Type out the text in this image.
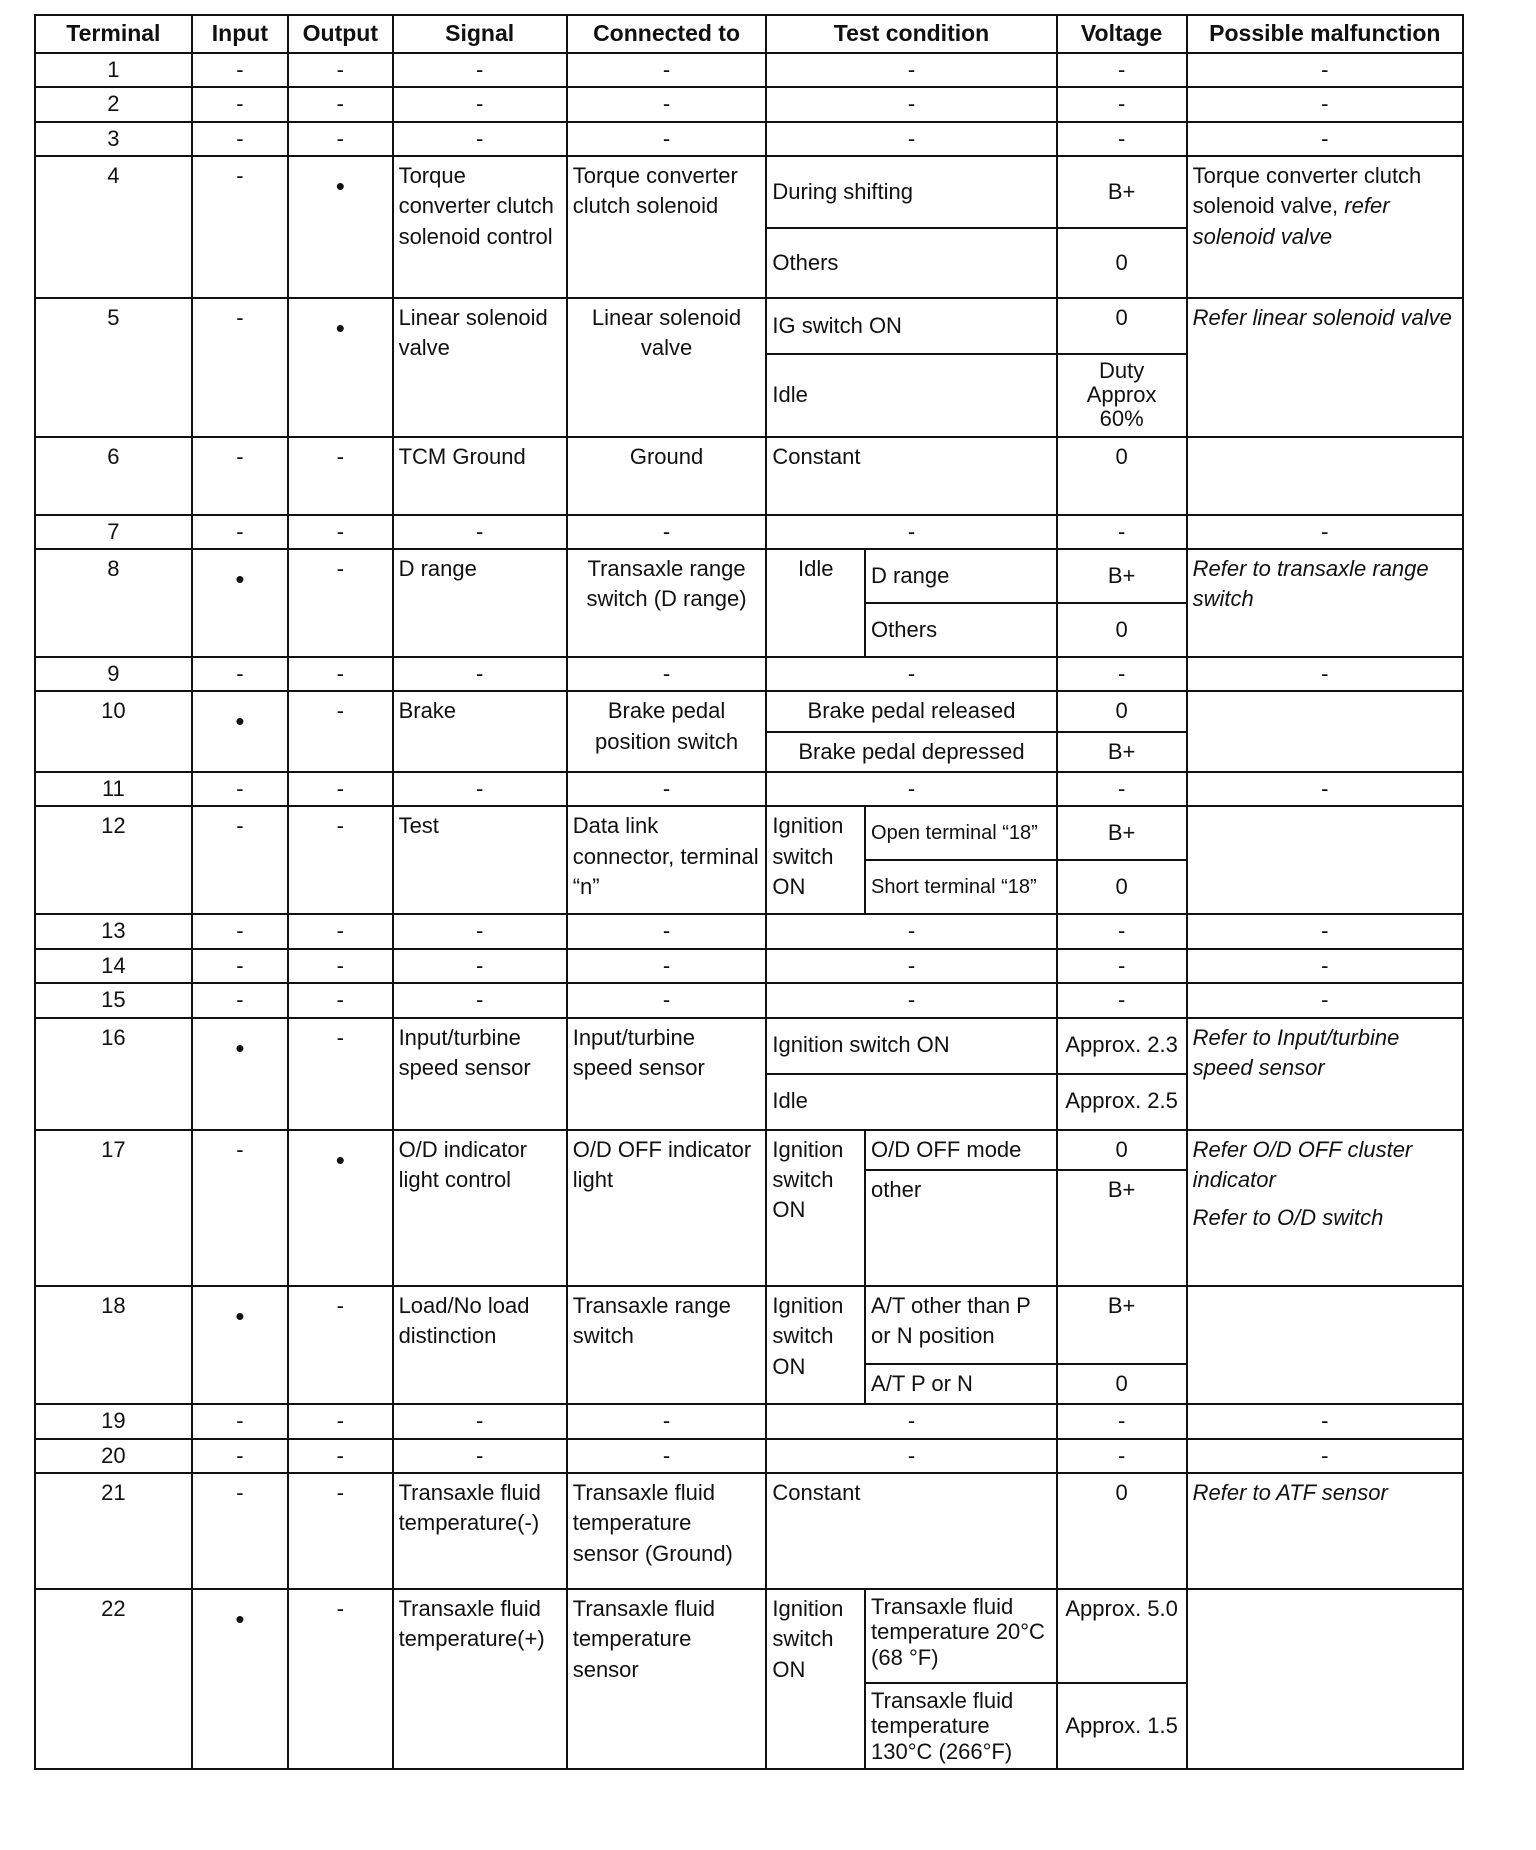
Terminal	Input	Output	Signal	Connected to	Test condition		Voltage	Possible malfunction
1	-	-	-	-	-		-	-
2	-	-	-	-	-		-	-
3	-	-	-	-	-		-	-
4	-	•	Torque converter clutch solenoid control	Torque converter clutch solenoid	During shifting		B+	Torque converter clutch solenoid valve, refer solenoid valve
					Others		0	
5	-	•	Linear solenoid valve	Linear solenoid valve	IG switch ON		0	Refer linear solenoid valve
					Idle		Duty Approx 60%	
6	-	-	TCM Ground	Ground	Constant		0	
7	-	-	-	-	-		-	-
8	•	-	D range	Transaxle range switch (D range)	Idle	D range	B+	Refer to transaxle range switch
						Others	0	
9	-	-	-	-	-		-	-
10	•	-	Brake	Brake pedal position switch	Brake pedal released		0	
					Brake pedal depressed		B+	
11	-	-	-	-	-		-	-
12	-	-	Test	Data link connector, terminal “n”	Ignition switch ON	Open terminal “18”	B+	
						Short terminal “18”	0	
13	-	-	-	-	-		-	-
14	-	-	-	-	-		-	-
15	-	-	-	-	-		-	-
16	•	-	Input/turbine speed sensor	Input/turbine speed sensor	Ignition switch ON		Approx. 2.3	Refer to Input/turbine speed sensor
					Idle		Approx. 2.5	
17	-	•	O/D indicator light control	O/D OFF indicator light	Ignition switch ON	O/D OFF mode	0	Refer O/D OFF cluster indicator
Refer to O/D switch

						other	B+	
18	•	-	Load/No load distinction	Transaxle range switch	Ignition switch ON	A/T other than P or N position	B+	
						A/T P or N	0	
19	-	-	-	-	-		-	-
20	-	-	-	-	-		-	-
21	-	-	Transaxle fluid temperature(-)	Transaxle fluid temperature sensor (Ground)	Constant		0	Refer to ATF sensor
22	•	-	Transaxle fluid temperature(+)	Transaxle fluid temperature sensor	Ignition switch ON	Transaxle fluid temperature 20°C (68 °F)	Approx. 5.0	
						Transaxle fluid temperature 130°C (266°F)	Approx. 1.5	
